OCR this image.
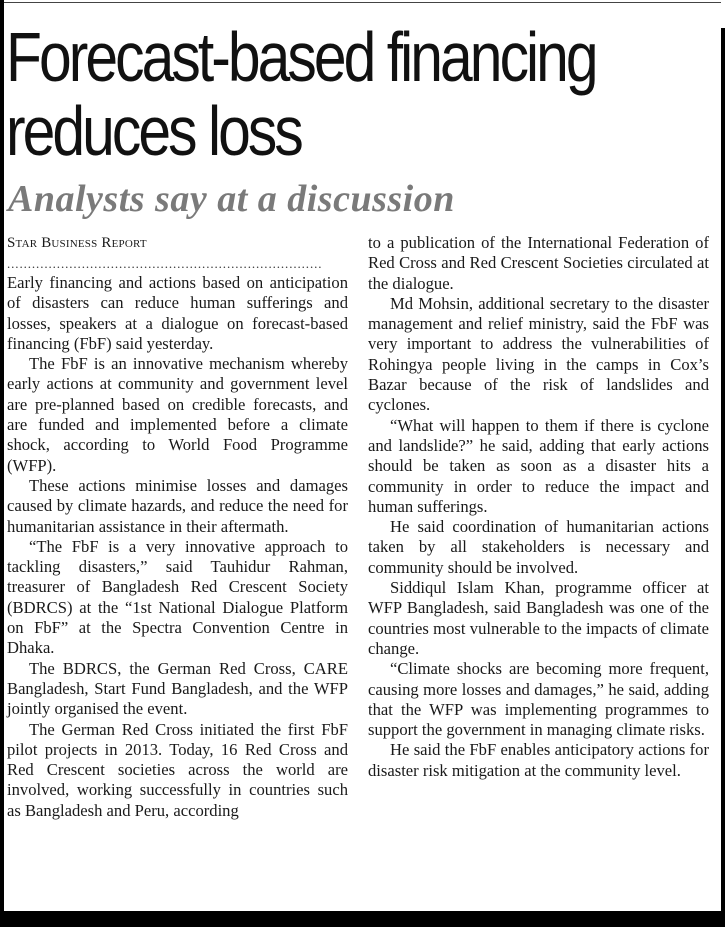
Forecast-based financing
reduces loss
Analysts say at a discussion
Star Business Report
............................................................................

Early financing and actions based on anticipation of disasters can reduce human sufferings and losses, speakers at a dialogue on forecast-based financing (FbF) said yesterday.

The FbF is an innovative mechanism whereby early actions at community and government level are pre-planned based on credible forecasts, and are funded and implemented before a climate shock, according to World Food Programme (WFP).

These actions minimise losses and damages caused by climate hazards, and reduce the need for humanitarian assistance in their aftermath.

“The FbF is a very innovative approach to tackling disasters,” said Tauhidur Rahman, treasurer of Bangladesh Red Crescent Society (BDRCS) at the “1st National Dialogue Platform on FbF” at the Spectra Convention Centre in Dhaka.

The BDRCS, the German Red Cross, CARE Bangladesh, Start Fund Bangladesh, and the WFP jointly organised the event.

The German Red Cross initiated the first FbF pilot projects in 2013. Today, 16 Red Cross and Red Crescent societies across the world are involved, working successfully in countries such as Bangladesh and Peru, according

to a publication of the International Federation of Red Cross and Red Crescent Societies circulated at the dialogue.

Md Mohsin, additional secretary to the disaster management and relief ministry, said the FbF was very important to address the vulnerabilities of Rohingya people living in the camps in Cox’s Bazar because of the risk of landslides and cyclones.

“What will happen to them if there is cyclone and landslide?” he said, adding that early actions should be taken as soon as a disaster hits a community in order to reduce the impact and human sufferings.

He said coordination of humanitarian actions taken by all stakeholders is necessary and community should be involved.

Siddiqul Islam Khan, programme officer at WFP Bangladesh, said Bangladesh was one of the countries most vulnerable to the impacts of climate change.

“Climate shocks are becoming more frequent, causing more losses and damages,” he said, adding that the WFP was implementing programmes to support the government in managing climate risks.

He said the FbF enables anticipatory actions for disaster risk mitigation at the community level.
